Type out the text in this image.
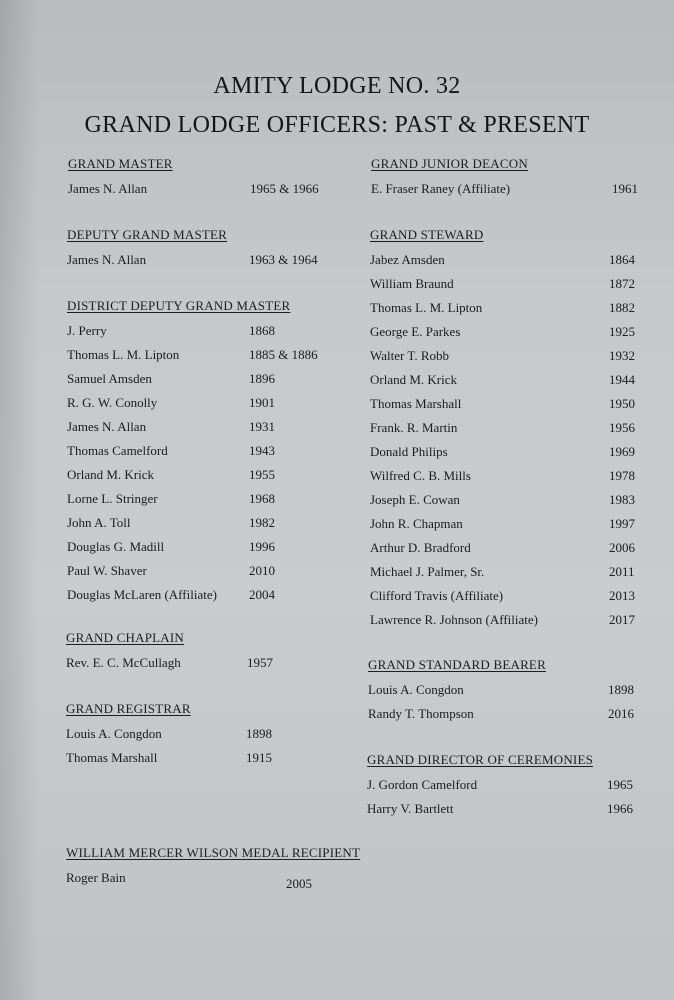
AMITY LODGE NO. 32
GRAND LODGE OFFICERS: PAST & PRESENT
GRAND MASTER
James N. Allan	1965 & 1966
DEPUTY GRAND MASTER
James N. Allan	1963 & 1964
DISTRICT DEPUTY GRAND MASTER
J. Perry	1868
Thomas L. M. Lipton	1885 & 1886
Samuel Amsden	1896
R. G. W. Conolly	1901
James N. Allan	1931
Thomas Camelford	1943
Orland M. Krick	1955
Lorne L. Stringer	1968
John A. Toll	1982
Douglas G. Madill	1996
Paul W. Shaver	2010
Douglas McLaren (Affiliate) 2004
GRAND CHAPLAIN
Rev. E. C. McCullagh	1957
GRAND REGISTRAR
Louis A. Congdon	1898
Thomas Marshall	1915
WILLIAM MERCER WILSON MEDAL RECIPIENT
Roger Bain	2005
GRAND JUNIOR DEACON
E. Fraser Raney (Affiliate)	1961
GRAND STEWARD
Jabez Amsden	1864
William Braund	1872
Thomas L. M. Lipton	1882
George E. Parkes	1925
Walter T. Robb	1932
Orland M. Krick	1944
Thomas Marshall	1950
Frank. R. Martin	1956
Donald Philips	1969
Wilfred C. B. Mills	1978
Joseph E. Cowan	1983
John R. Chapman	1997
Arthur D. Bradford	2006
Michael J. Palmer, Sr.	2011
Clifford Travis (Affiliate)	2013
Lawrence R. Johnson (Affiliate)	2017
GRAND STANDARD BEARER
Louis A. Congdon	1898
Randy T. Thompson	2016
GRAND DIRECTOR OF CEREMONIES
J. Gordon Camelford	1965
Harry V. Bartlett	1966
